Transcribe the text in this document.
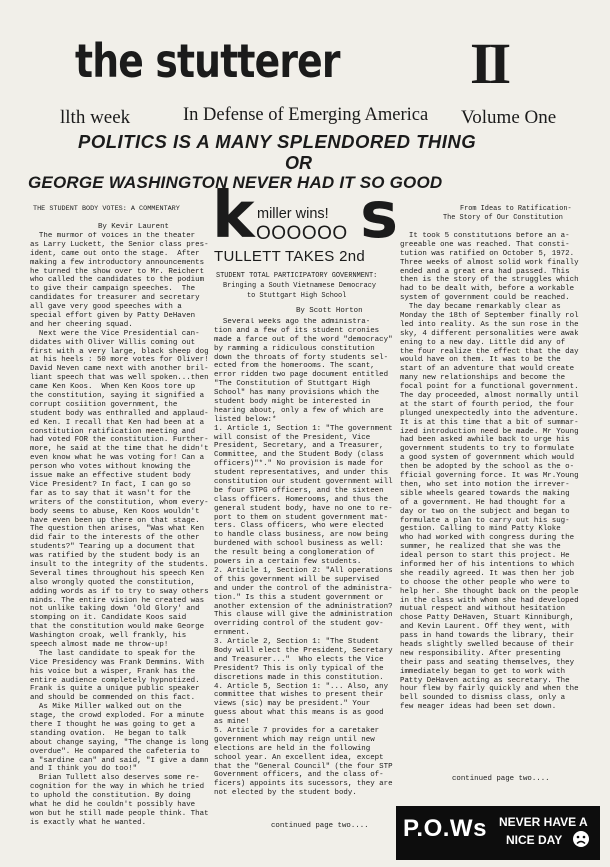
the stutterer II
llth week	In Defense of Emerging America Volume One
POLITICS IS A MANY SPLENDORED THING
OR
GEORGE WASHINGTON NEVER HAD IT SO GOOD
THE STUDENT BODY VOTES: A COMMENTARY
By Kevir Laurent
The murmor of voices in the theater
as Larry Luckett, the Senior class pres-
ident, came out onto the stage.  After
making a few introductory announcements
he turned the show over to Mr. Reichert
who called the candidates to the podium
to give their campaign speeches.  The
candidates for treasurer and secretary
all gave very good speeches with a
special effort given by Patty DeHaven
and her cheering squad.
Next were the Vice Presidential can-
didates with Oliver Willis coming out
first with a very large, black sheep dog
at his heels : 50 more votes for Oliver!
David Neven came next with another bril-
liant speech that was well spoken...then
came Ken Koos.  When Ken Koos tore up
the constitution, saying it signified a
corrupt cosiition government, the
student body was enthralled and applaud-
ed Ken. I recall that Ken had been at a
constitution ratification meeting and
had voted FOR the constitution. Further-
more, he said at the time that he didn't
even know what he was voting for! Can a
person who votes without knowing the
issue make an effective student body
Vice President? In fact, I can go so
far as to say that it wasn't for the
writers of the constitution, whom every-
body seems to abuse, Ken Koos wouldn't
have even been up there on that stage.
The question then arises, "Was what Ken
did fair to the interests of the other
students?" Tearing up a document that
was ratified by the student body is an
insult to the integrity of the students.
Several times throughout his speech Ken
also wrongly quoted the constitution,
adding words as if to try to sway others
minds. The entire vision he created was
not unlike taking down 'Old Glory' and
stomping on it. Candidate Koos said
that the constitution would make George
Washington croak, well frankly, his
speech almost made me throw-up!
The last candidate to speak for the
Vice Presidency was Frank Demmins. With
his voice but a wisper, Frank has the
entire audience completely hypnotized.
Frank is quite a unique public speaker
and should be commended on this fact.
As Mike Miller walked out on the
stage, the crowd exploded. For a minute
there I thought he was going to get a
standing ovation.  He began to talk
about change saying, "The change is long
overdue". He compared the cafeteria to
a "sardine can" and said, "I give a damn
and I think you do too!"
Brian Tullett also deserves some re-
cognition for the way in which he tried
to uphold the constitution. By doing
what he did he couldn't possibly have
won but he still made people think. That
is exactly what he wanted.
k s
miller wins!
OOOOOO
TULLETT TAKES 2nd
STUDENT TOTAL PARTICIPATORY GOVERNMENT:
Bringing a South Vietnamese Democracy
to Stuttgart High School
By Scott Horton
Several weeks ago the administra-
tion and a few of its student cronies
made a farce out of the word "democracy"
by ramming a ridiculous constitution
down the throats of forty students sel-
ected from the homerooms. The scant,
error ridden two page document entitled
"The Constitution of Stuttgart High
School" has many provisions which the
student body might be interested in
hearing about, only a few of which are
listed below:*
1. Article 1, Section 1: "The government
will consist of the President, Vice
President, Secretary, and a Treasurer,
Committee, and the Student Body (class
officers)"*." No provision is made for
student representatives, and under this
constitution our student government will
be four STPG officers, and the sixteen
class officers. Homerooms, and thus the
general student body, have no one to re-
port to them on student government mat-
ters. Class officers, who were elected
to handle class business, are now being
burdened with school business as well:
the result being a conglomeration of
powers in a certain few students.
2. Article 1, Section 2: "All operations
of this government will be supervised
and under the control of the administra-
tion." Is this a student government or
another extension of the administration?
This clause will give the administration
overriding control of the student gov-
ernment.
3. Article 2, Section 1: "The Student
Body will elect the President, Secretary
and Treasurer..."  Who elects the Vice
President? This is only typical of the
discretions made in this constitution.
4. Article 5, Section 1: "... Also, any
committee that wishes to present their
views (sic) may be president." Your
guess about what this means is as good
as mine!
5. Article 7 provides for a caretaker
government which may reign until new
elections are held in the following
school year. An excellent idea, except
that the "General Council" (the four STP
Government officers, and the class of-
ficers) appoints its sucessors, they are
not elected by the student body.
continued page two....
From Ideas to Ratification-
The Story of Our Constitution
It took 5 constitutions before an a-
greeable one was reached. That consti-
tution was ratified on October 5, 1972.
Three weeks of almost solid work finally
ended and a great era had passed. This
then is the story of the struggles which
had to be dealt with, before a workable
system of government could be reached.
The day became remarkably clear as
Monday the 18th of September finally rol
led into reality. As the sun rose in the
sky, 4 different personalities were awak
ening to a new day. Little did any of
the four realize the effect that the day
would have on them. It was to be the
start of an adventure that would create
many new relationships and become the
focal point for a functional government.
The day proceeded, almost normally until
at the start of fourth period, the four
plunged unexpectedly into the adventure.
It is at this time that a bit of summar-
ized introduction need be made. Mr Young
had been asked awhile back to urge his
government students to try to formulate
a good system of government which would
then be adopted by the school as the o-
fficial governing force. It was Mr.Young
then, who set into motion the irrever-
sible wheels geared towards the making
of a government. He had thought for a
day or two on the subject and began to
formulate a plan to carry out his sug-
gestion. Calling to mind Patty Kloke
who had worked with congress during the
summer, he realized that she was the
ideal person to start this project. He
informed her of his intentions to which
she readily agreed. It was then her job
to choose the other people who were to
help her. She thought back on the people
in the class with whom she had developed
mutual respect and without hesitation
chose Patty DeHaven, Stuart Kinniburgh,
and Kevin Laurent. Off they went, with
pass in hand towards the library, their
heads slightly swelled because of their
new responsibility. After presenting
their pass and seating themselves, they
immediately began to get to work with
Patty DeHaven acting as secretary. The
hour flew by fairly quickly and when the
bell sounded to dismiss class, only a
few meager ideas had been set down.
continued page two....
P.O.Ws NEVER HAVE A
NICE DAY
